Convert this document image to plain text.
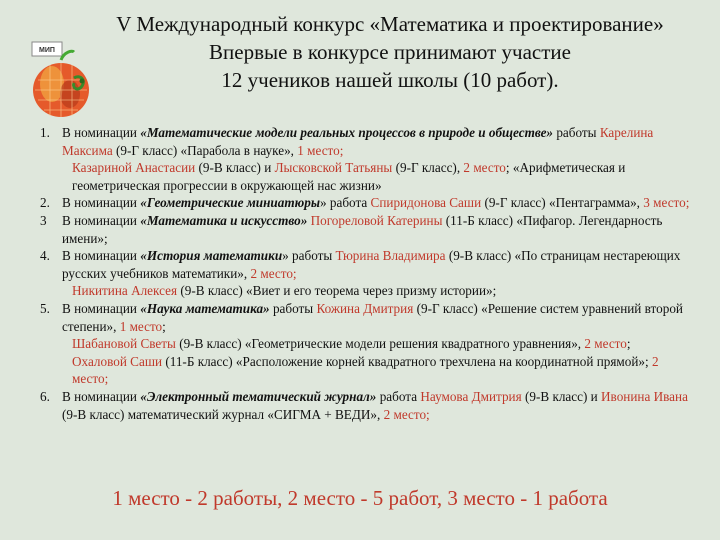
МИП
V Международный конкурс «Математика и проектирование»
Впервые в конкурсе принимают участие
12 учеников нашей школы (10 работ).
1. В номинации «Математические модели реальных процессов в природе и обществе» работы Карелина Максима (9-Г класс) «Парабола в науке», 1 место;
Казариной Анастасии (9-В класс) и Лысковской Татьяны (9-Г класс), 2 место; «Арифметическая и геометрическая прогрессии в окружающей нас жизни»
2. В номинации «Геометрические миниатюры» работа Спиридонова Саши (9-Г класс) «Пентаграмма», 3 место;
3 В номинации «Математика и искусство» Погореловой Катерины (11-Б класс) «Пифагор. Легендарность имени»;
4. В номинации «История математики» работы Тюрина Владимира (9-В класс) «По страницам нестареющих русских учебников математики», 2 место;
Никитина Алексея (9-В класс) «Виет и его теорема через призму истории»;
5. В номинации «Наука математика» работы Кожина Дмитрия (9-Г класс) «Решение систем уравнений второй степени», 1 место;
Шабановой Светы (9-В класс) «Геометрические модели решения квадратного уравнения», 2 место;
Охаловой Саши (11-Б класс) «Расположение корней квадратного трехчлена на координатной прямой»; 2 место;
6. В номинации «Электронный тематический журнал» работа Наумова Дмитрия (9-В класс) и Ивонина Ивана (9-В класс) математический журнал «СИГМА + ВЕДИ», 2 место;
1 место - 2 работы, 2 место - 5 работ, 3 место - 1 работа
